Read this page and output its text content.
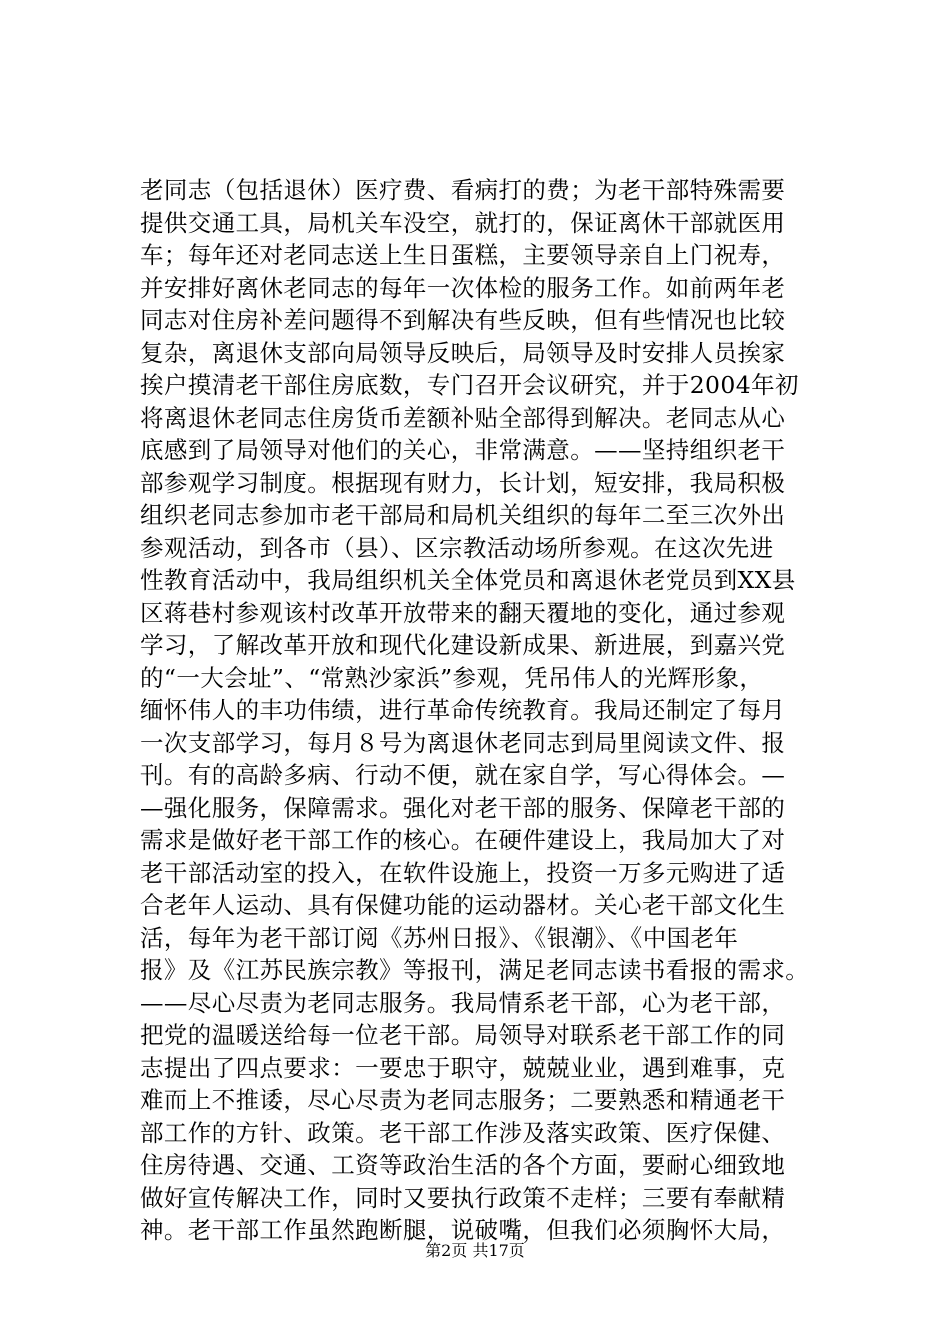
老同志（包括退休）医疗费、看病打的费；为老干部特殊需要
提供交通工具，局机关车没空，就打的，保证离休干部就医用
车；每年还对老同志送上生日蛋糕，主要领导亲自上门祝寿，
并安排好离休老同志的每年一次体检的服务工作。如前两年老
同志对住房补差问题得不到解决有些反映，但有些情况也比较
复杂，离退休支部向局领导反映后，局领导及时安排人员挨家
挨户摸清老干部住房底数，专门召开会议研究，并于2004年初
将离退休老同志住房货币差额补贴全部得到解决。老同志从心
底感到了局领导对他们的关心，非常满意。——坚持组织老干
部参观学习制度。根据现有财力，长计划，短安排，我局积极
组织老同志参加市老干部局和局机关组织的每年二至三次外出
参观活动，到各市（县）、区宗教活动场所参观。在这次先进
性教育活动中，我局组织机关全体党员和离退休老党员到XX县
区蒋巷村参观该村改革开放带来的翻天覆地的变化，通过参观
学习，了解改革开放和现代化建设新成果、新进展，到嘉兴党
的“一大会址”、“常熟沙家浜”参观，凭吊伟人的光辉形象，
缅怀伟人的丰功伟绩，进行革命传统教育。我局还制定了每月
一次支部学习，每月８号为离退休老同志到局里阅读文件、报
刊。有的高龄多病、行动不便，就在家自学，写心得体会。—
—强化服务，保障需求。强化对老干部的服务、保障老干部的
需求是做好老干部工作的核心。在硬件建设上，我局加大了对
老干部活动室的投入，在软件设施上，投资一万多元购进了适
合老年人运动、具有保健功能的运动器材。关心老干部文化生
活，每年为老干部订阅《苏州日报》、《银潮》、《中国老年
报》及《江苏民族宗教》等报刊，满足老同志读书看报的需求。
——尽心尽责为老同志服务。我局情系老干部，心为老干部，
把党的温暖送给每一位老干部。局领导对联系老干部工作的同
志提出了四点要求：一要忠于职守，兢兢业业，遇到难事，克
难而上不推诿，尽心尽责为老同志服务；二要熟悉和精通老干
部工作的方针、政策。老干部工作涉及落实政策、医疗保健、
住房待遇、交通、工资等政治生活的各个方面，要耐心细致地
做好宣传解决工作，同时又要执行政策不走样；三要有奉献精
神。老干部工作虽然跑断腿，说破嘴，但我们必须胸怀大局，
第2页 共17页
